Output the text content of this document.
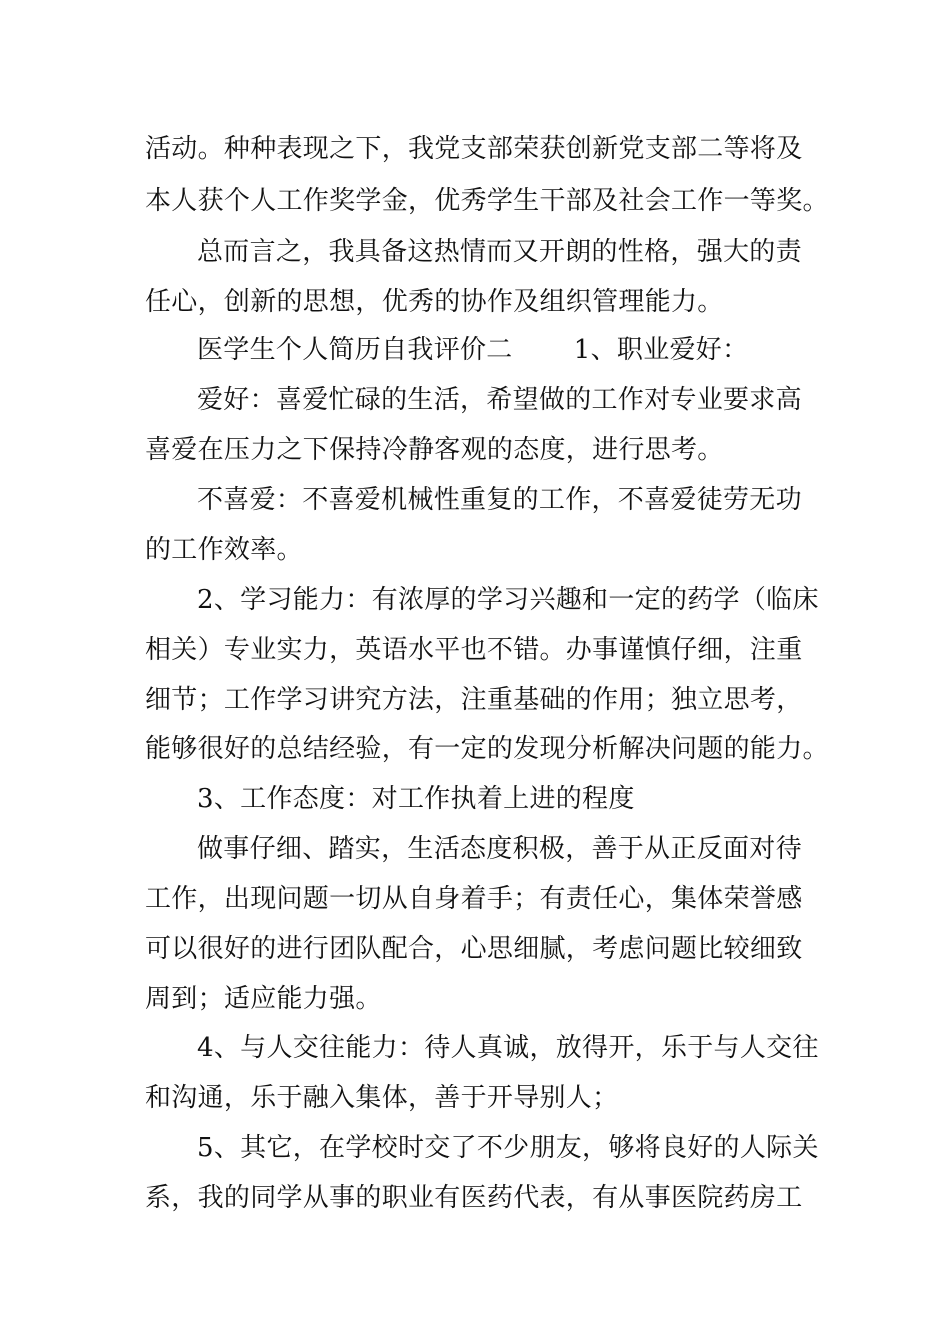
活动。种种表现之下，我党支部荣获创新党支部二等将及
本人获个人工作奖学金，优秀学生干部及社会工作一等奖。
总而言之，我具备这热情而又开朗的性格，强大的责
任心，创新的思想，优秀的协作及组织管理能力。
医学生个人简历自我评价二　　 1、职业爱好：
爱好：喜爱忙碌的生活，希望做的工作对专业要求高
喜爱在压力之下保持冷静客观的态度，进行思考。
不喜爱：不喜爱机械性重复的工作，不喜爱徒劳无功
的工作效率。
2、学习能力：有浓厚的学习兴趣和一定的药学（临床
相关）专业实力，英语水平也不错。办事谨慎仔细，注重
细节；工作学习讲究方法，注重基础的作用；独立思考，
能够很好的总结经验，有一定的发现分析解决问题的能力。
3、工作态度：对工作执着上进的程度
做事仔细、踏实，生活态度积极，善于从正反面对待
工作，出现问题一切从自身着手；有责任心，集体荣誉感
可以很好的进行团队配合，心思细腻，考虑问题比较细致
周到；适应能力强。
4、与人交往能力：待人真诚，放得开，乐于与人交往
和沟通，乐于融入集体，善于开导别人；
5、其它，在学校时交了不少朋友，够将良好的人际关
系，我的同学从事的职业有医药代表，有从事医院药房工
